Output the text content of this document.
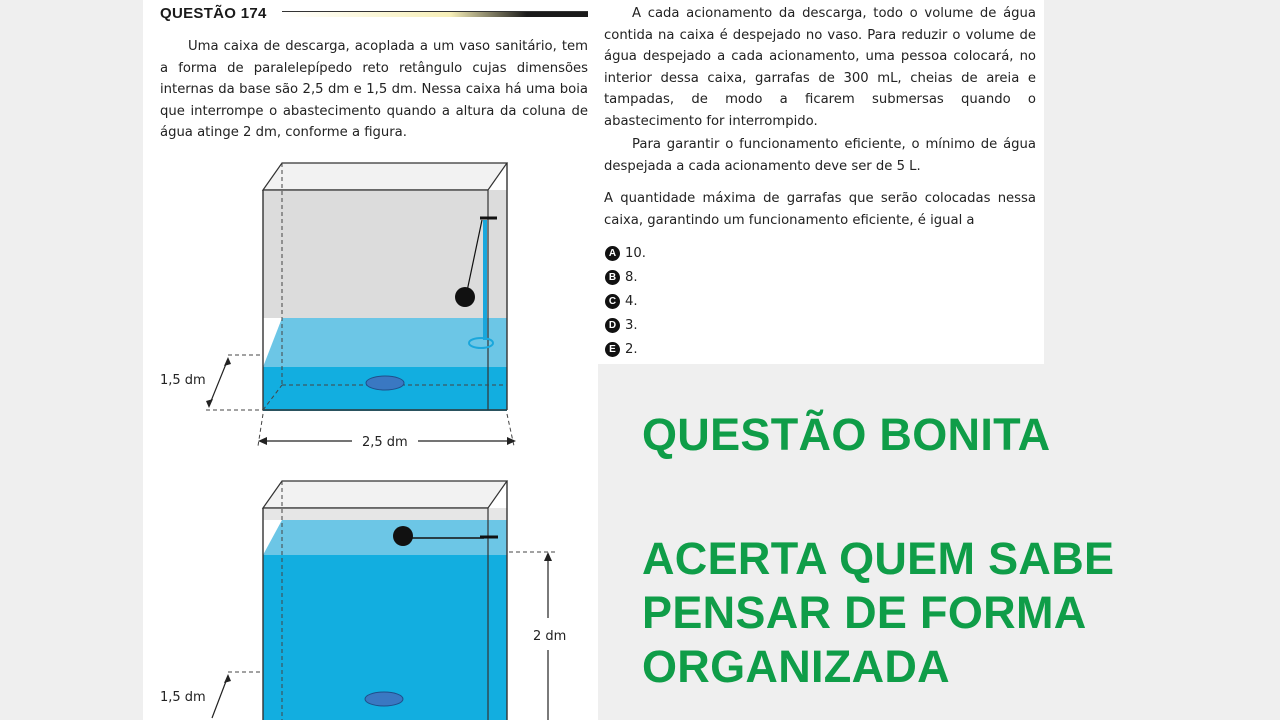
QUESTÃO 174

Uma caixa de descarga, acoplada a um vaso sanitário, tem a forma de paralelepípedo reto retângulo cujas dimensões internas da base são 2,5 dm e 1,5 dm. Nessa caixa há uma boia que interrompe o abastecimento quando a altura da coluna de água atinge 2 dm, conforme a figura.

1,5 dm
2,5 dm
2 dm
1,5 dm

A cada acionamento da descarga, todo o volume de água contida na caixa é despejado no vaso. Para reduzir o volume de água despejado a cada acionamento, uma pessoa colocará, no interior dessa caixa, garrafas de 300 mL, cheias de areia e tampadas, de modo a ficarem submersas quando o abastecimento for interrompido.

Para garantir o funcionamento eficiente, o mínimo de água despejada a cada acionamento deve ser de 5 L.

A quantidade máxima de garrafas que serão colocadas nessa caixa, garantindo um funcionamento eficiente, é igual a

A 10.
B 8.
C 4.
D 3.
E 2.
QUESTÃO BONITA
ACERTA QUEM SABE
PENSAR DE FORMA
ORGANIZADA
